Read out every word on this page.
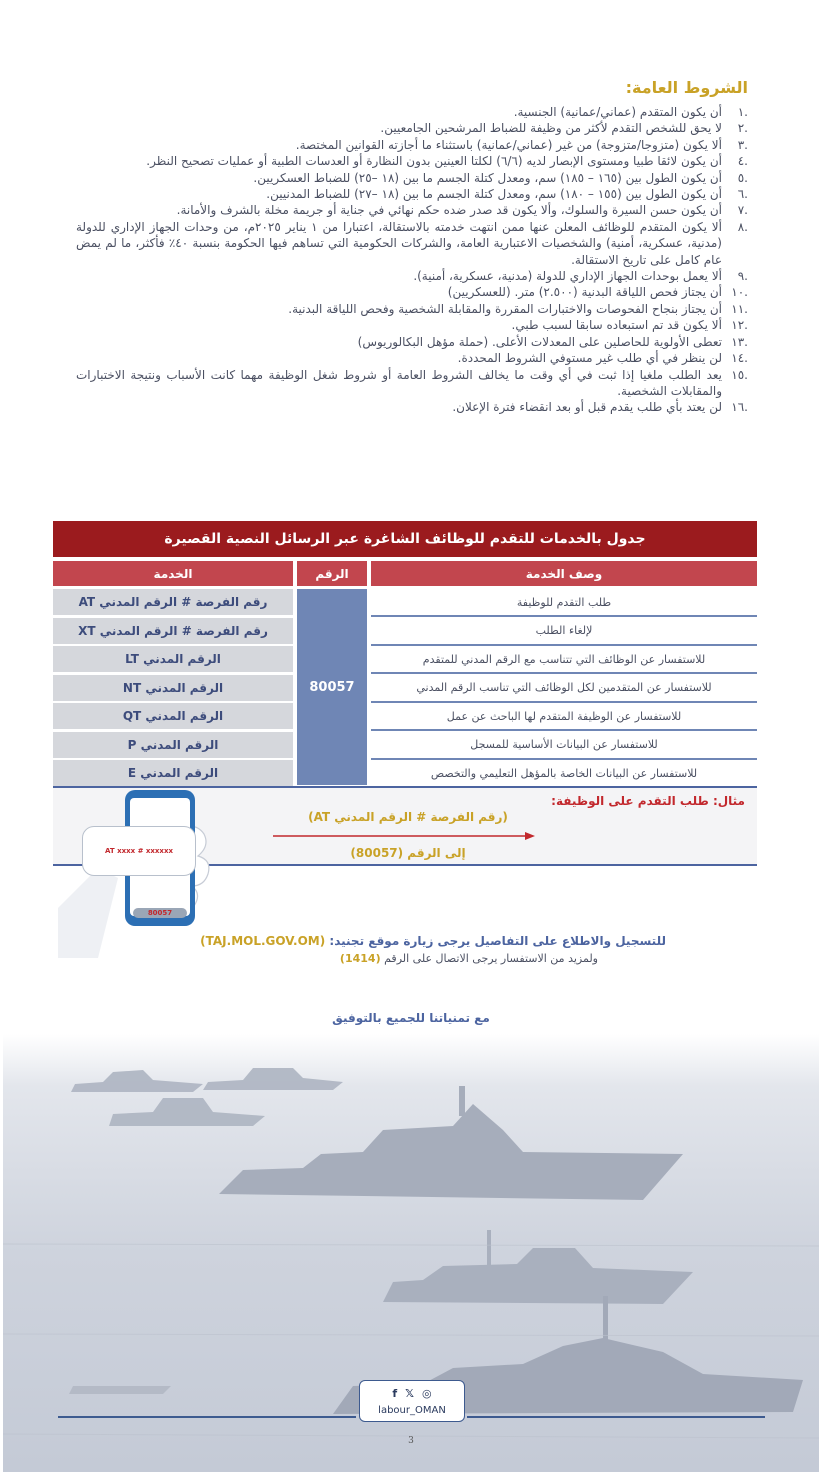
الشروط العامة:
.١
أن يكون المتقدم (عماني/عمانية) الجنسية.
.٢
لا يحق للشخص التقدم لأكثر من وظيفة للضباط المرشحين الجامعيين.
.٣
ألا يكون (متزوجا/متزوجة) من غير (عماني/عمانية) باستثناء ما أجازته القوانين المختصة.
.٤
أن يكون لائقا طبيا ومستوى الإبصار لديه (٦/٦) لكلتا العينين بدون النظارة أو العدسات الطبية أو عمليات تصحيح النظر.
.٥
أن يكون الطول بين (١٦٥ – ١٨٥) سم، ومعدل كتلة الجسم ما بين (١٨ –٢٥) للضباط العسكريين.
.٦
أن يكون الطول بين (١٥٥ – ١٨٠) سم، ومعدل كتلة الجسم ما بين (١٨ –٢٧) للضباط المدنيين.
.٧
أن يكون حسن السيرة والسلوك، وألا يكون قد صدر ضده حكم نهائي في جناية أو جريمة مخلة بالشرف والأمانة.
.٨
ألا يكون المتقدم للوظائف المعلن عنها ممن انتهت خدمته بالاستقالة، اعتبارا من ١ يناير ٢٠٢٥م، من وحدات الجهاز الإداري للدولة (مدنية، عسكرية، أمنية) والشخصيات الاعتبارية العامة، والشركات الحكومية التي تساهم فيها الحكومة بنسبة ٤٠٪ فأكثر، ما لم يمض عام كامل على تاريخ الاستقالة.
.٩
ألا يعمل بوحدات الجهاز الإداري للدولة (مدنية، عسكرية، أمنية).
.١٠
أن يجتاز فحص اللياقة البدنية (٢.٥٠٠) متر. (للعسكريين)
.١١
أن يجتاز بنجاح الفحوصات والاختبارات المقررة والمقابلة الشخصية وفحص اللياقة البدنية.
.١٢
ألا يكون قد تم استبعاده سابقا لسبب طبي.
.١٣
تعطى الأولوية للحاصلين على المعدلات الأعلى. (حملة مؤهل البكالوريوس)
.١٤
لن ينظر في أي طلب غير مستوفي الشروط المحددة.
.١٥
يعد الطلب ملغيا إذا ثبت في أي وقت ما يخالف الشروط العامة أو شروط شغل الوظيفة مهما كانت الأسباب ونتيجة الاختبارات والمقابلات الشخصية.
.١٦
لن يعتد بأي طلب يقدم قبل أو بعد انقضاء فترة الإعلان.
جدول بالخدمات للتقدم للوظائف الشاغرة عبر الرسائل النصية القصيرة
وصف الخدمة
الرقم
الخدمة
طلب التقدم للوظيفة
رقم الفرصة # الرقم المدني AT
لإلغاء الطلب
رقم الفرصة # الرقم المدني XT
للاستفسار عن الوظائف التي تتناسب مع الرقم المدني للمتقدم
الرقم المدني LT
للاستفسار عن المتقدمين لكل الوظائف التي تناسب الرقم المدني
الرقم المدني NT
للاستفسار عن الوظيفة المتقدم لها الباحث عن عمل
الرقم المدني QT
للاستفسار عن البيانات الأساسية للمسجل
الرقم المدني P
للاستفسار عن البيانات الخاصة بالمؤهل التعليمي والتخصص
الرقم المدني E
80057
مثال: طلب التقدم على الوظيفة:
(رقم الفرصة # الرقم المدني AT)
إلى الرقم (80057)
80057
AT xxxx # xxxxxx
للتسجيل والاطلاع على التفاصيل يرجى زيارة موقع تجنيد: (TAJ.MOL.GOV.OM)
ولمزيد من الاستفسار يرجى الاتصال على الرقم (1414)
مع تمنياتنا للجميع بالتوفيق
f 𝕏 ◎
labour_OMAN
3
